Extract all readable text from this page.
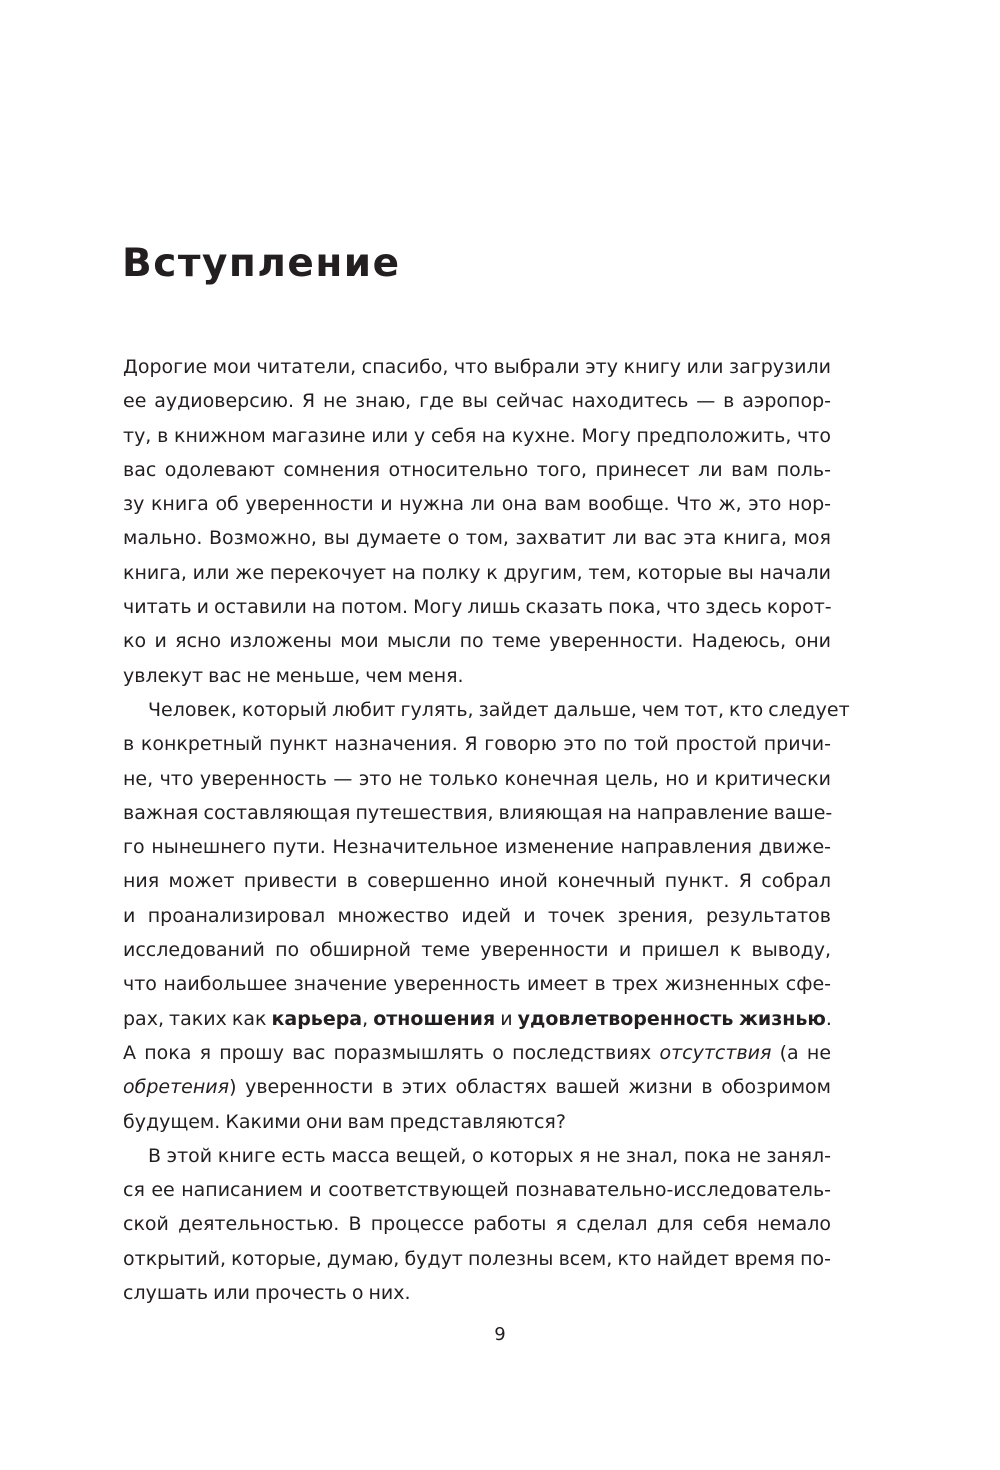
Вступление
Дорогие мои читатели, спасибо, что выбрали эту книгу или загрузили
ее аудиоверсию. Я не знаю, где вы сейчас находитесь — в аэропор-
ту, в книжном магазине или у себя на кухне. Могу предположить, что
вас одолевают сомнения относительно того, принесет ли вам поль-
зу книга об уверенности и нужна ли она вам вообще. Что ж, это нор-
мально. Возможно, вы думаете о том, захватит ли вас эта книга, моя
книга, или же перекочует на полку к другим, тем, которые вы начали
читать и оставили на потом. Могу лишь сказать пока, что здесь корот-
ко и ясно изложены мои мысли по теме уверенности. Надеюсь, они
увлекут вас не меньше, чем меня.
Человек, который любит гулять, зайдет дальше, чем тот, кто следует
в конкретный пункт назначения. Я говорю это по той простой причи-
не, что уверенность — это не только конечная цель, но и критически
важная составляющая путешествия, влияющая на направление ваше-
го нынешнего пути. Незначительное изменение направления движе-
ния может привести в совершенно иной конечный пункт. Я собрал
и проанализировал множество идей и точек зрения, результатов
исследований по обширной теме уверенности и пришел к выводу,
что наибольшее значение уверенность имеет в трех жизненных сфе-
рах, таких как карьера, отношения и удовлетворенность жизнью.
А пока я прошу вас поразмышлять о последствиях отсутствия (а не
обретения) уверенности в этих областях вашей жизни в обозримом
будущем. Какими они вам представляются?
В этой книге есть масса вещей, о которых я не знал, пока не занял-
ся ее написанием и соответствующей познавательно-исследователь-
ской деятельностью. В процессе работы я сделал для себя немало
открытий, которые, думаю, будут полезны всем, кто найдет время по-
слушать или прочесть о них.
9
